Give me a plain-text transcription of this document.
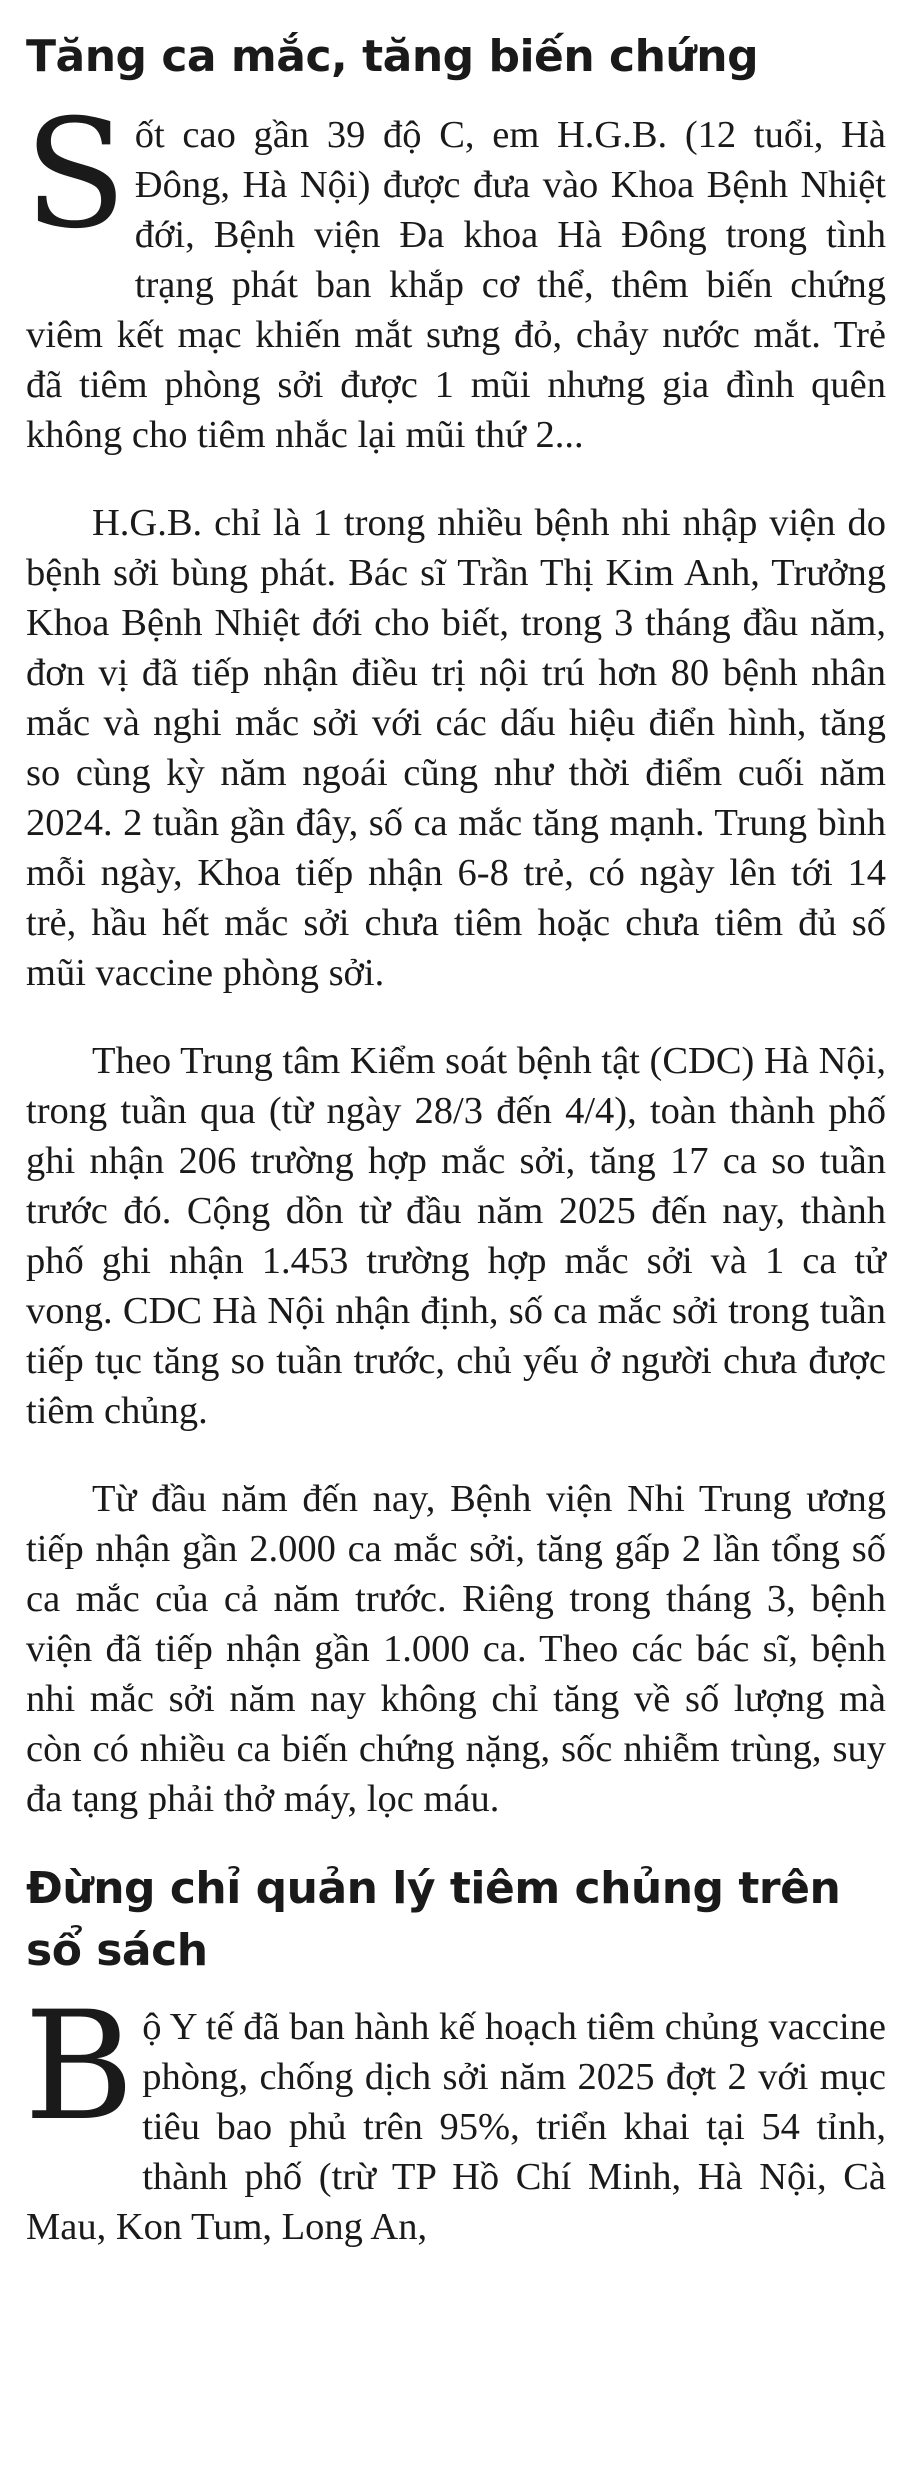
Tăng ca mắc, tăng biến chứng

Sốt cao gần 39 độ C, em H.G.B. (12 tuổi, Hà Đông, Hà Nội) được đưa vào Khoa Bệnh Nhiệt đới, Bệnh viện Đa khoa Hà Đông trong tình trạng phát ban khắp cơ thể, thêm biến chứng viêm kết mạc khiến mắt sưng đỏ, chảy nước mắt. Trẻ đã tiêm phòng sởi được 1 mũi nhưng gia đình quên không cho tiêm nhắc lại mũi thứ 2...

H.G.B. chỉ là 1 trong nhiều bệnh nhi nhập viện do bệnh sởi bùng phát. Bác sĩ Trần Thị Kim Anh, Trưởng Khoa Bệnh Nhiệt đới cho biết, trong 3 tháng đầu năm, đơn vị đã tiếp nhận điều trị nội trú hơn 80 bệnh nhân mắc và nghi mắc sởi với các dấu hiệu điển hình, tăng so cùng kỳ năm ngoái cũng như thời điểm cuối năm 2024. 2 tuần gần đây, số ca mắc tăng mạnh. Trung bình mỗi ngày, Khoa tiếp nhận 6-8 trẻ, có ngày lên tới 14 trẻ, hầu hết mắc sởi chưa tiêm hoặc chưa tiêm đủ số mũi vaccine phòng sởi.

Theo Trung tâm Kiểm soát bệnh tật (CDC) Hà Nội, trong tuần qua (từ ngày 28/3 đến 4/4), toàn thành phố ghi nhận 206 trường hợp mắc sởi, tăng 17 ca so tuần trước đó. Cộng dồn từ đầu năm 2025 đến nay, thành phố ghi nhận 1.453 trường hợp mắc sởi và 1 ca tử vong. CDC Hà Nội nhận định, số ca mắc sởi trong tuần tiếp tục tăng so tuần trước, chủ yếu ở người chưa được tiêm chủng.

Từ đầu năm đến nay, Bệnh viện Nhi Trung ương tiếp nhận gần 2.000 ca mắc sởi, tăng gấp 2 lần tổng số ca mắc của cả năm trước. Riêng trong tháng 3, bệnh viện đã tiếp nhận gần 1.000 ca. Theo các bác sĩ, bệnh nhi mắc sởi năm nay không chỉ tăng về số lượng mà còn có nhiều ca biến chứng nặng, sốc nhiễm trùng, suy đa tạng phải thở máy, lọc máu.

Đừng chỉ quản lý tiêm chủng trên sổ sách

Bộ Y tế đã ban hành kế hoạch tiêm chủng vaccine phòng, chống dịch sởi năm 2025 đợt 2 với mục tiêu bao phủ trên 95%, triển khai tại 54 tỉnh, thành phố (trừ TP Hồ Chí Minh, Hà Nội, Cà Mau, Kon Tum, Long An,
